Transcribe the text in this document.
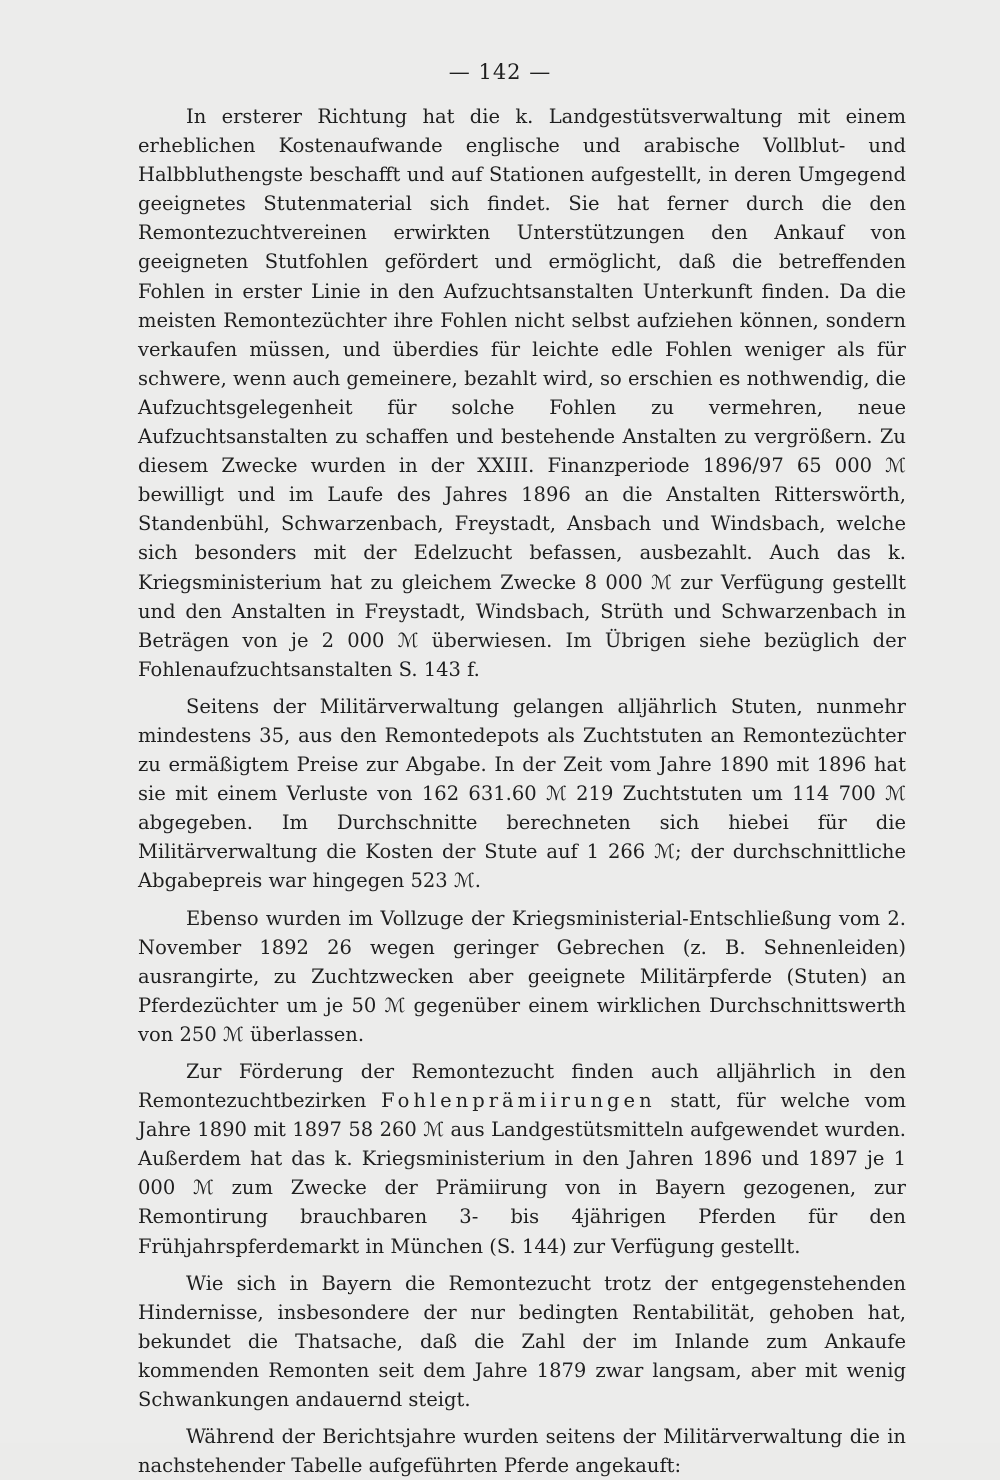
— 142 —

In ersterer Richtung hat die k. Landgestütsverwaltung mit einem erheblichen Kostenaufwande englische und arabische Vollblut- und Halbbluthengste beschafft und auf Stationen aufgestellt, in deren Umgegend geeignetes Stutenmaterial sich findet. Sie hat ferner durch die den Remontezuchtvereinen erwirkten Unterstützungen den Ankauf von geeigneten Stutfohlen gefördert und ermöglicht, daß die betreffenden Fohlen in erster Linie in den Aufzuchtsanstalten Unterkunft finden. Da die meisten Remontezüchter ihre Fohlen nicht selbst aufziehen können, sondern verkaufen müssen, und überdies für leichte edle Fohlen weniger als für schwere, wenn auch gemeinere, bezahlt wird, so erschien es nothwendig, die Aufzuchtsgelegenheit für solche Fohlen zu vermehren, neue Aufzuchtsanstalten zu schaffen und bestehende Anstalten zu vergrößern. Zu diesem Zwecke wurden in der XXIII. Finanzperiode 1896/97 65 000 ℳ bewilligt und im Laufe des Jahres 1896 an die Anstalten Ritterswörth, Standenbühl, Schwarzenbach, Freystadt, Ansbach und Windsbach, welche sich besonders mit der Edelzucht befassen, ausbezahlt. Auch das k. Kriegsministerium hat zu gleichem Zwecke 8 000 ℳ zur Verfügung gestellt und den Anstalten in Freystadt, Windsbach, Strüth und Schwarzenbach in Beträgen von je 2 000 ℳ überwiesen. Im Übrigen siehe bezüglich der Fohlenaufzuchtsanstalten S. 143 f.

Seitens der Militärverwaltung gelangen alljährlich Stuten, nunmehr mindestens 35, aus den Remontedepots als Zuchtstuten an Remontezüchter zu ermäßigtem Preise zur Abgabe. In der Zeit vom Jahre 1890 mit 1896 hat sie mit einem Verluste von 162 631.60 ℳ 219 Zuchtstuten um 114 700 ℳ abgegeben. Im Durchschnitte berechneten sich hiebei für die Militärverwaltung die Kosten der Stute auf 1 266 ℳ; der durchschnittliche Abgabepreis war hingegen 523 ℳ.

Ebenso wurden im Vollzuge der Kriegsministerial-Entschließung vom 2. November 1892 26 wegen geringer Gebrechen (z. B. Sehnenleiden) ausrangirte, zu Zuchtzwecken aber geeignete Militärpferde (Stuten) an Pferdezüchter um je 50 ℳ gegenüber einem wirklichen Durchschnittswerth von 250 ℳ überlassen.

Zur Förderung der Remontezucht finden auch alljährlich in den Remontezuchtbezirken Fohlenprämiirungen statt, für welche vom Jahre 1890 mit 1897 58 260 ℳ aus Landgestütsmitteln aufgewendet wurden. Außerdem hat das k. Kriegsministerium in den Jahren 1896 und 1897 je 1 000 ℳ zum Zwecke der Prämiirung von in Bayern gezogenen, zur Remontirung brauchbaren 3- bis 4jährigen Pferden für den Frühjahrspferdemarkt in München (S. 144) zur Verfügung gestellt.

Wie sich in Bayern die Remontezucht trotz der entgegenstehenden Hindernisse, insbesondere der nur bedingten Rentabilität, gehoben hat, bekundet die Thatsache, daß die Zahl der im Inlande zum Ankaufe kommenden Remonten seit dem Jahre 1879 zwar langsam, aber mit wenig Schwankungen andauernd steigt.

Während der Berichtsjahre wurden seitens der Militärverwaltung die in nachstehender Tabelle aufgeführten Pferde angekauft:
